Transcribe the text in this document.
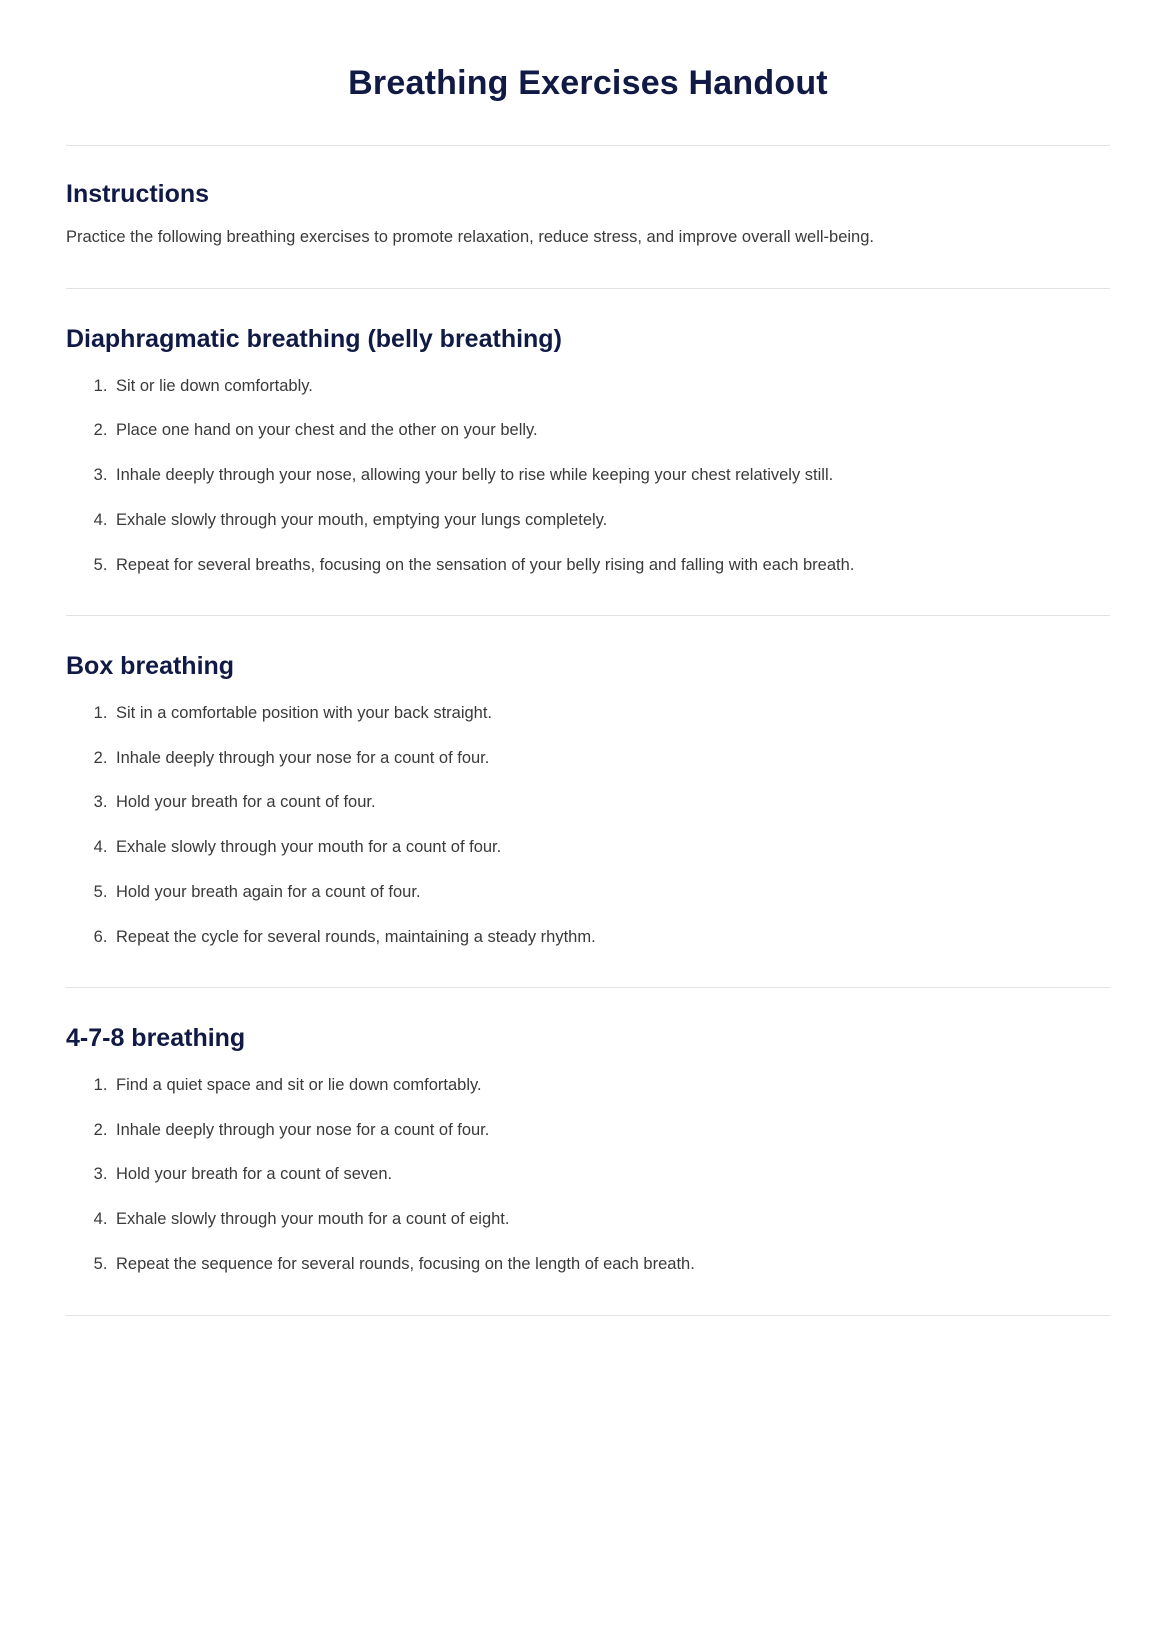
Breathing Exercises Handout
Instructions

Practice the following breathing exercises to promote relaxation, reduce stress, and improve overall well-being.

Diaphragmatic breathing (belly breathing)
1. Sit or lie down comfortably.
2. Place one hand on your chest and the other on your belly.
3. Inhale deeply through your nose, allowing your belly to rise while keeping your chest relatively still.
4. Exhale slowly through your mouth, emptying your lungs completely.
5. Repeat for several breaths, focusing on the sensation of your belly rising and falling with each breath.
Box breathing
1. Sit in a comfortable position with your back straight.
2. Inhale deeply through your nose for a count of four.
3. Hold your breath for a count of four.
4. Exhale slowly through your mouth for a count of four.
5. Hold your breath again for a count of four.
6. Repeat the cycle for several rounds, maintaining a steady rhythm.
4-7-8 breathing
1. Find a quiet space and sit or lie down comfortably.
2. Inhale deeply through your nose for a count of four.
3. Hold your breath for a count of seven.
4. Exhale slowly through your mouth for a count of eight.
5. Repeat the sequence for several rounds, focusing on the length of each breath.
